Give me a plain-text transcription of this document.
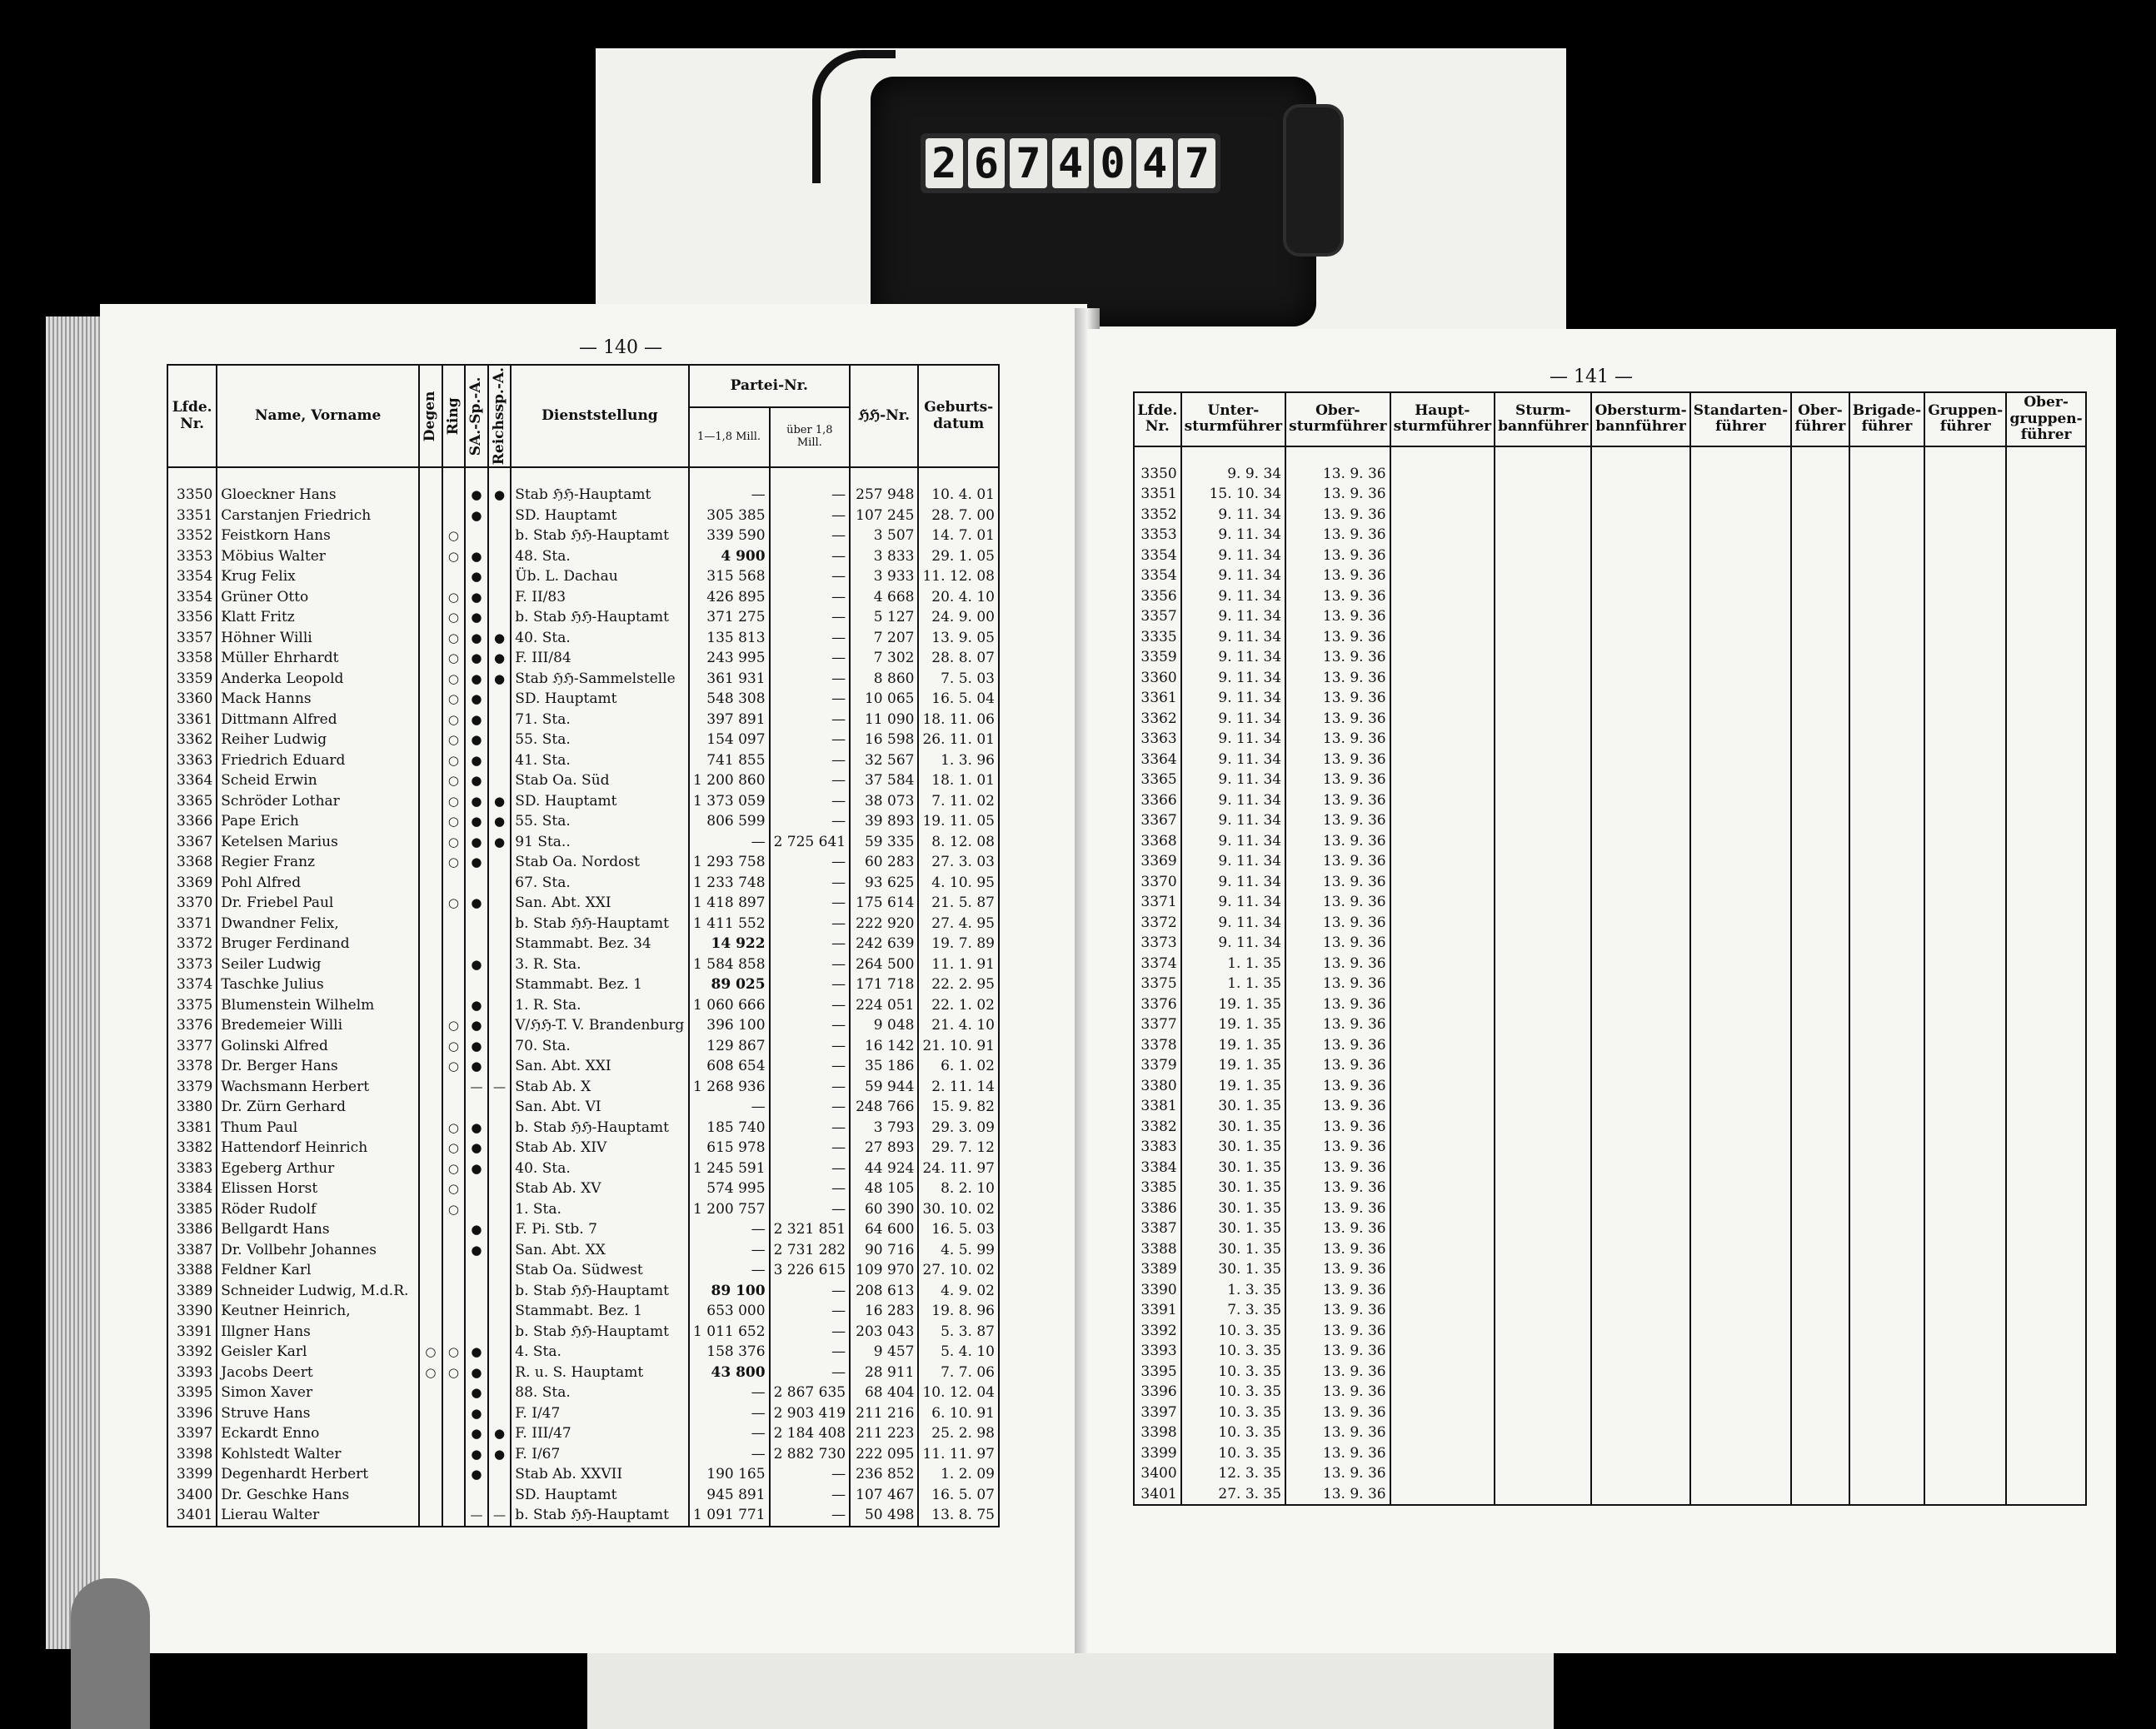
2 6 7 4 0 4 7
— 140 —
Lfde. Nr.	Name, Vorname	Degen	Ring	SA.-Sp.-A.	Reichssp.-A.	Dienststellung	Partei-Nr.		ℌℌ-Nr.	Geburts-datum
							1—1,8 Mill.	über 1,8 Mill.		

3350	Gloeckner Hans			●	●	Stab ℌℌ-Hauptamt	—	—	257 948	10. 4. 01
3351	Carstanjen Friedrich			●		SD. Hauptamt	305 385	—	107 245	28. 7. 00
3352	Feistkorn Hans		○			b. Stab ℌℌ-Hauptamt	339 590	—	3 507	14. 7. 01
3353	Möbius Walter		○	●		48. Sta.	4 900	—	3 833	29. 1. 05
3354	Krug Felix			●		Üb. L. Dachau	315 568	—	3 933	11. 12. 08
3354	Grüner Otto		○	●		F. II/83	426 895	—	4 668	20. 4. 10
3356	Klatt Fritz		○	●		b. Stab ℌℌ-Hauptamt	371 275	—	5 127	24. 9. 00
3357	Höhner Willi		○	●	●	40. Sta.	135 813	—	7 207	13. 9. 05
3358	Müller Ehrhardt		○	●	●	F. III/84	243 995	—	7 302	28. 8. 07
3359	Anderka Leopold		○	●	●	Stab ℌℌ-Sammelstelle	361 931	—	8 860	7. 5. 03
3360	Mack Hanns		○	●		SD. Hauptamt	548 308	—	10 065	16. 5. 04
3361	Dittmann Alfred		○	●		71. Sta.	397 891	—	11 090	18. 11. 06
3362	Reiher Ludwig		○	●		55. Sta.	154 097	—	16 598	26. 11. 01
3363	Friedrich Eduard		○	●		41. Sta.	741 855	—	32 567	1. 3. 96
3364	Scheid Erwin		○	●		Stab Oa. Süd	1 200 860	—	37 584	18. 1. 01
3365	Schröder Lothar		○	●	●	SD. Hauptamt	1 373 059	—	38 073	7. 11. 02
3366	Pape Erich		○	●	●	55. Sta.	806 599	—	39 893	19. 11. 05
3367	Ketelsen Marius		○	●	●	91 Sta..	—	2 725 641	59 335	8. 12. 08
3368	Regier Franz		○	●		Stab Oa. Nordost	1 293 758	—	60 283	27. 3. 03
3369	Pohl Alfred					67. Sta.	1 233 748	—	93 625	4. 10. 95
3370	Dr. Friebel Paul		○	●		San. Abt. XXI	1 418 897	—	175 614	21. 5. 87
3371	Dwandner Felix,					b. Stab ℌℌ-Hauptamt	1 411 552	—	222 920	27. 4. 95
3372	Bruger Ferdinand					Stammabt. Bez. 34	14 922	—	242 639	19. 7. 89
3373	Seiler Ludwig			●		3. R. Sta.	1 584 858	—	264 500	11. 1. 91
3374	Taschke Julius					Stammabt. Bez. 1	89 025	—	171 718	22. 2. 95
3375	Blumenstein Wilhelm			●		1. R. Sta.	1 060 666	—	224 051	22. 1. 02
3376	Bredemeier Willi		○	●		V/ℌℌ-T. V. Brandenburg	396 100	—	9 048	21. 4. 10
3377	Golinski Alfred		○	●		70. Sta.	129 867	—	16 142	21. 10. 91
3378	Dr. Berger Hans		○	●		San. Abt. XXI	608 654	—	35 186	6. 1. 02
3379	Wachsmann Herbert			—	—	Stab Ab. X	1 268 936	—	59 944	2. 11. 14
3380	Dr. Zürn Gerhard					San. Abt. VI	—	—	248 766	15. 9. 82
3381	Thum Paul		○	●		b. Stab ℌℌ-Hauptamt	185 740	—	3 793	29. 3. 09
3382	Hattendorf Heinrich		○	●		Stab Ab. XIV	615 978	—	27 893	29. 7. 12
3383	Egeberg Arthur		○	●		40. Sta.	1 245 591	—	44 924	24. 11. 97
3384	Elissen Horst		○			Stab Ab. XV	574 995	—	48 105	8. 2. 10
3385	Röder Rudolf		○			1. Sta.	1 200 757	—	60 390	30. 10. 02
3386	Bellgardt Hans			●		F. Pi. Stb. 7	—	2 321 851	64 600	16. 5. 03
3387	Dr. Vollbehr Johannes			●		San. Abt. XX	—	2 731 282	90 716	4. 5. 99
3388	Feldner Karl					Stab Oa. Südwest	—	3 226 615	109 970	27. 10. 02
3389	Schneider Ludwig, M.d.R.					b. Stab ℌℌ-Hauptamt	89 100	—	208 613	4. 9. 02
3390	Keutner Heinrich,					Stammabt. Bez. 1	653 000	—	16 283	19. 8. 96
3391	Illgner Hans					b. Stab ℌℌ-Hauptamt	1 011 652	—	203 043	5. 3. 87
3392	Geisler Karl	○	○	●		4. Sta.	158 376	—	9 457	5. 4. 10
3393	Jacobs Deert	○	○	●		R. u. S. Hauptamt	43 800	—	28 911	7. 7. 06
3395	Simon Xaver			●		88. Sta.	—	2 867 635	68 404	10. 12. 04
3396	Struve Hans			●		F. I/47	—	2 903 419	211 216	6. 10. 91
3397	Eckardt Enno			●	●	F. III/47	—	2 184 408	211 223	25. 2. 98
3398	Kohlstedt Walter			●	●	F. I/67	—	2 882 730	222 095	11. 11. 97
3399	Degenhardt Herbert			●		Stab Ab. XXVII	190 165	—	236 852	1. 2. 09
3400	Dr. Geschke Hans					SD. Hauptamt	945 891	—	107 467	16. 5. 07
3401	Lierau Walter			—	—	b. Stab ℌℌ-Hauptamt	1 091 771	—	50 498	13. 8. 75
— 141 —
Lfde. Nr.	Unter-sturmführer	Ober-sturmführer	Haupt-sturmführer	Sturm-bannführer	Obersturm-bannführer	Standarten-führer	Ober-führer	Brigade-führer	Gruppen-führer	Ober-gruppen-führer

3350	9. 9. 34	13. 9. 36								
3351	15. 10. 34	13. 9. 36								
3352	9. 11. 34	13. 9. 36								
3353	9. 11. 34	13. 9. 36								
3354	9. 11. 34	13. 9. 36								
3354	9. 11. 34	13. 9. 36								
3356	9. 11. 34	13. 9. 36								
3357	9. 11. 34	13. 9. 36								
3335	9. 11. 34	13. 9. 36								
3359	9. 11. 34	13. 9. 36								
3360	9. 11. 34	13. 9. 36								
3361	9. 11. 34	13. 9. 36								
3362	9. 11. 34	13. 9. 36								
3363	9. 11. 34	13. 9. 36								
3364	9. 11. 34	13. 9. 36								
3365	9. 11. 34	13. 9. 36								
3366	9. 11. 34	13. 9. 36								
3367	9. 11. 34	13. 9. 36								
3368	9. 11. 34	13. 9. 36								
3369	9. 11. 34	13. 9. 36								
3370	9. 11. 34	13. 9. 36								
3371	9. 11. 34	13. 9. 36								
3372	9. 11. 34	13. 9. 36								
3373	9. 11. 34	13. 9. 36								
3374	1. 1. 35	13. 9. 36								
3375	1. 1. 35	13. 9. 36								
3376	19. 1. 35	13. 9. 36								
3377	19. 1. 35	13. 9. 36								
3378	19. 1. 35	13. 9. 36								
3379	19. 1. 35	13. 9. 36								
3380	19. 1. 35	13. 9. 36								
3381	30. 1. 35	13. 9. 36								
3382	30. 1. 35	13. 9. 36								
3383	30. 1. 35	13. 9. 36								
3384	30. 1. 35	13. 9. 36								
3385	30. 1. 35	13. 9. 36								
3386	30. 1. 35	13. 9. 36								
3387	30. 1. 35	13. 9. 36								
3388	30. 1. 35	13. 9. 36								
3389	30. 1. 35	13. 9. 36								
3390	1. 3. 35	13. 9. 36								
3391	7. 3. 35	13. 9. 36								
3392	10. 3. 35	13. 9. 36								
3393	10. 3. 35	13. 9. 36								
3395	10. 3. 35	13. 9. 36								
3396	10. 3. 35	13. 9. 36								
3397	10. 3. 35	13. 9. 36								
3398	10. 3. 35	13. 9. 36								
3399	10. 3. 35	13. 9. 36								
3400	12. 3. 35	13. 9. 36								
3401	27. 3. 35	13. 9. 36								
